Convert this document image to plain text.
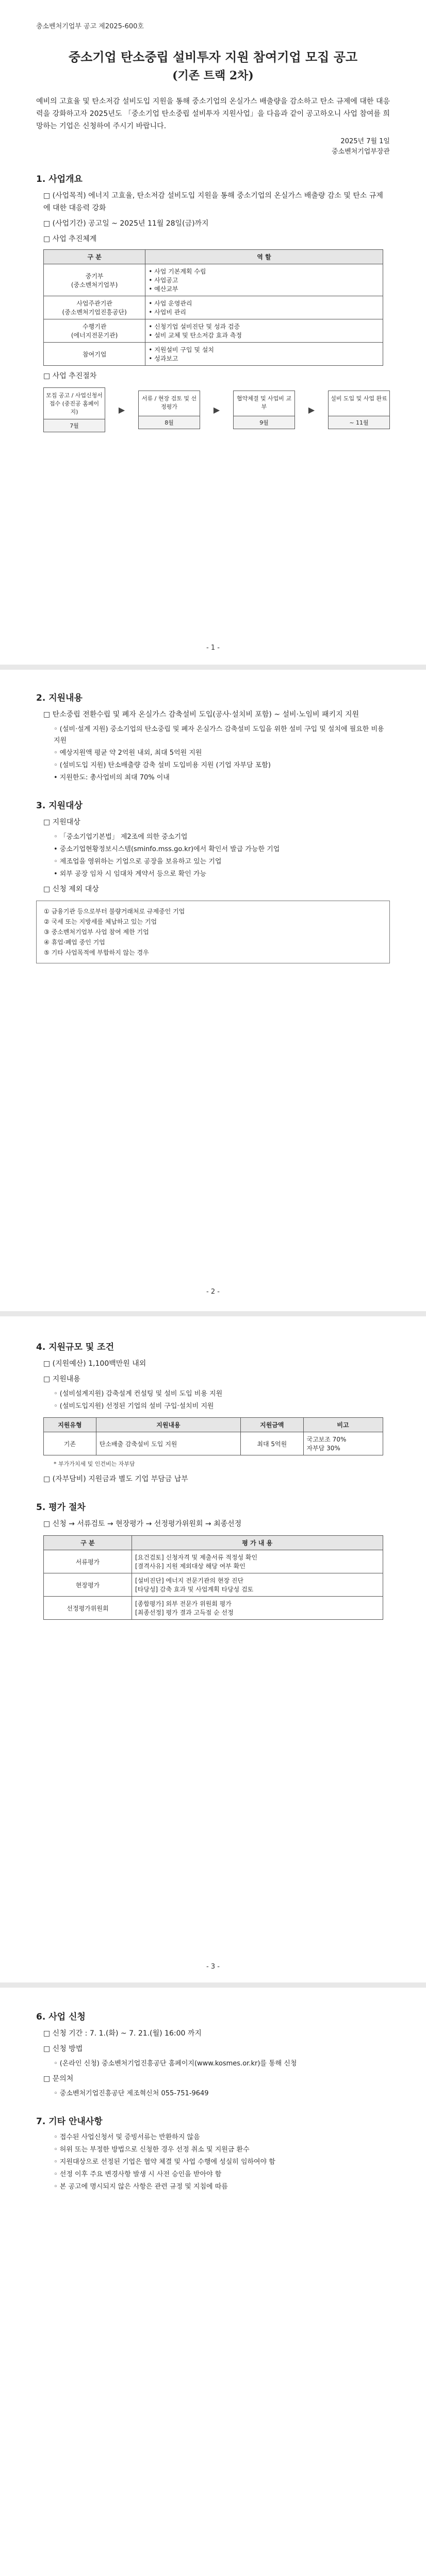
충소벤처기업부 공고 제2025-600호
중소기업 탄소중립 설비투자 지원 참여기업 모집 공고
(기존 트랙 2차)

예비의 고효율 및 탄소저감 설비도입 지원을 통해 중소기업의 온실가스 배출량을 감소하고 탄소 규제에 대한 대응력을 강화하고자 2025년도 「중소기업 탄소중립 설비투자 지원사업」을 다음과 같이 공고하오니 사업 참여를 희망하는 기업은 신청하여 주시기 바랍니다.

2025년 7월 1일
중소벤처기업부장관
1. 사업개요
□ (사업목적) 에너지 고효율, 탄소저감 설비도입 지원을 통해 중소기업의 온실가스 배출량 감소 및 탄소 규제에 대한 대응력 강화
□ (사업기간) 공고일 ~ 2025년 11월 28일(금)까지
□ 사업 추진체계
구 분	역 할
중기부
(중소벤처기업부)	• 사업 기본계획 수립
• 사업공고
• 예산교부
사업주관기관
(중소벤처기업진흥공단)	• 사업 운영관리
• 사업비 관리
수행기관
(에너지전문기관)	• 신청기업 설비진단 및 성과 검증
• 설비 교체 및 탄소저감 효과 측정
참여기업	• 지원설비 구입 및 설치
• 성과보고
□ 사업 추진절차
모집 공고 / 사업신청서 접수 (중진공 홈페이지)
7월
▶
서류 / 현장 검토 및 선정평가
8월
▶
협약체결 및 사업비 교부
9월
▶
설비 도입 및 사업 완료
~ 11월
- 1 -
2. 지원내용
□ 탄소중립 전환수립 및 폐자 온실가스 감축설비 도입(공사·설치비 포함) ~ 설비·노임비 패키지 지원
◦ (설비·설계 지원) 중소기업의 탄소중립 및 폐자 온실가스 감축설비 도입을 위한 설비 구입 및 설치에 필요한 비용 지원
◦ 예상지원액 평균 약 2억원 내외, 최대 5억원 지원
◦ (설비도입 지원) 탄소배출량 감축 설비 도입비용 지원 (기업 자부담 포함)
• 지원한도: 총사업비의 최대 70% 이내
3. 지원대상
□ 지원대상
◦ 「중소기업기본법」 제2조에 의한 중소기업
• 중소기업현황정보시스템(sminfo.mss.go.kr)에서 확인서 발급 가능한 기업
◦ 제조업을 영위하는 기업으로 공장을 보유하고 있는 기업
• 외부 공장 임차 시 임대차 계약서 등으로 확인 가능
□ 신청 제외 대상
① 금융기관 등으로부터 불량거래처로 규제중인 기업
② 국세 또는 지방세를 체납하고 있는 기업
③ 중소벤처기업부 사업 참여 제한 기업
④ 휴업·폐업 중인 기업
⑤ 기타 사업목적에 부합하지 않는 경우
- 2 -
4. 지원규모 및 조건
□ (지원예산) 1,100백만원 내외
□ 지원내용
◦ (설비설계지원) 감축설계 컨설팅 및 설비 도입 비용 지원
◦ (설비도입지원) 선정된 기업의 설비 구입·설치비 지원
지원유형	지원내용	지원금액	비고
기존	탄소배출 감축설비 도입 지원	최대 5억원	국고보조 70%
자부담 30%
* 부가가치세 및 인건비는 자부담
□ (자부담비) 지원금과 별도 기업 부담금 납부
5. 평가 절차
□ 신청 → 서류검토 → 현장평가 → 선정평가위원회 → 최종선정
구 분	평 가 내 용
서류평가	[요건검토] 신청자격 및 제출서류 적정성 확인
[결격사유] 지원 제외대상 해당 여부 확인
현장평가	[설비진단] 에너지 전문기관의 현장 진단
[타당성] 감축 효과 및 사업계획 타당성 검토
선정평가위원회	[종합평가] 외부 전문가 위원회 평가
[최종선정] 평가 결과 고득점 순 선정
- 3 -
6. 사업 신청
□ 신청 기간 : 7. 1.(화) ~ 7. 21.(월) 16:00 까지
□ 신청 방법
◦ (온라인 신청) 중소벤처기업진흥공단 홈페이지(www.kosmes.or.kr)를 통해 신청
□ 문의처
◦ 중소벤처기업진흥공단 제조혁신처 055-751-9649
7. 기타 안내사항
◦ 접수된 사업신청서 및 증빙서류는 반환하지 않음
◦ 허위 또는 부정한 방법으로 신청한 경우 선정 취소 및 지원금 환수
◦ 지원대상으로 선정된 기업은 협약 체결 및 사업 수행에 성실히 임하여야 함
◦ 선정 이후 주요 변경사항 발생 시 사전 승인을 받아야 함
◦ 본 공고에 명시되지 않은 사항은 관련 규정 및 지침에 따름
